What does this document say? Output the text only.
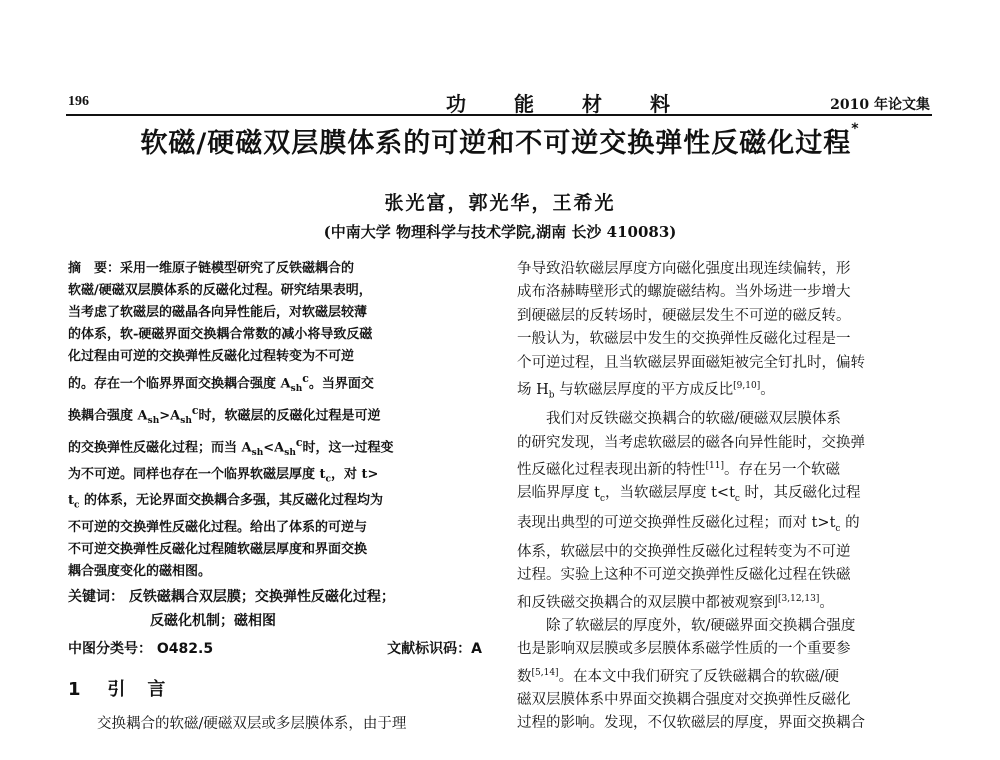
196	功能材料	2010 年论文集
软磁/硬磁双层膜体系的可逆和不可逆交换弹性反磁化过程*
张光富，郭光华，王希光
(中南大学 物理科学与技术学院,湖南 长沙 410083)

摘　要：采用一维原子链模型研究了反铁磁耦合的
软磁/硬磁双层膜体系的反磁化过程。研究结果表明，
当考虑了软磁层的磁晶各向异性能后，对软磁层较薄
的体系，软-硬磁界面交换耦合常数的减小将导致反磁
化过程由可逆的交换弹性反磁化过程转变为不可逆
的。存在一个临界界面交换耦合强度 $A_{sh}^c$。当界面交
换耦合强度 $A_{sh}>A_{sh}^c$时，软磁层的反磁化过程是可逆
的交换弹性反磁化过程；而当 $A_{sh}<A_{sh}^c$时，这一过程变
为不可逆。同样也存在一个临界软磁层厚度 $t_c$，对 t>
$t_c$ 的体系，无论界面交换耦合多强，其反磁化过程均为
不可逆的交换弹性反磁化过程。给出了体系的可逆与
不可逆交换弹性反磁化过程随软磁层厚度和界面交换
耦合强度变化的磁相图。

关键词： 反铁磁耦合双层膜；交换弹性反磁化过程；
反磁化机制；磁相图
中图分类号： O482.5	文献标识码：A
1 引　言

交换耦合的软磁/硬磁双层或多层膜体系，由于理

争导致沿软磁层厚度方向磁化强度出现连续偏转，形
成布洛赫畴壁形式的螺旋磁结构。当外场进一步增大
到硬磁层的反转场时，硬磁层发生不可逆的磁反转。
一般认为，软磁层中发生的交换弹性反磁化过程是一
个可逆过程，且当软磁层界面磁矩被完全钉扎时，偏转
场 $H_b$ 与软磁层厚度的平方成反比[9,10]。

我们对反铁磁交换耦合的软磁/硬磁双层膜体系
的研究发现，当考虑软磁层的磁各向异性能时，交换弹
性反磁化过程表现出新的特性[11]。存在另一个软磁
层临界厚度 $t_c$，当软磁层厚度 $t<t_c$ 时，其反磁化过程
表现出典型的可逆交换弹性反磁化过程；而对 $t>t_c$ 的
体系，软磁层中的交换弹性反磁化过程转变为不可逆
过程。实验上这种不可逆交换弹性反磁化过程在铁磁
和反铁磁交换耦合的双层膜中都被观察到[3,12,13]。

除了软磁层的厚度外，软/硬磁界面交换耦合强度
也是影响双层膜或多层膜体系磁学性质的一个重要参
数[5,14]。在本文中我们研究了反铁磁耦合的软磁/硬
磁双层膜体系中界面交换耦合强度对交换弹性反磁化
过程的影响。发现，不仅软磁层的厚度，界面交换耦合
